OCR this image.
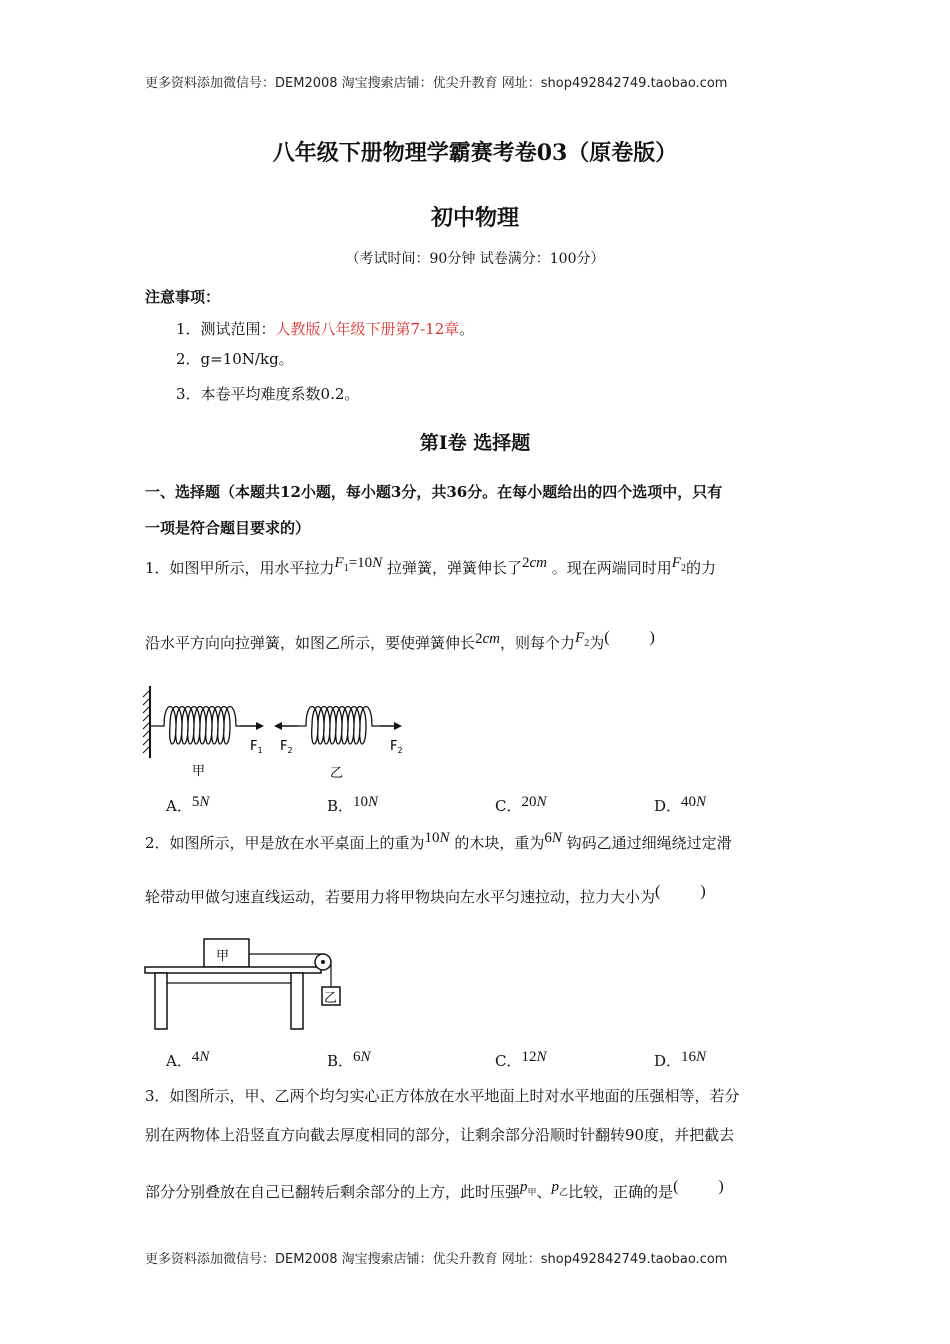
更多资料添加微信号：DEM2008 淘宝搜索店铺：优尖升教育 网址：shop492842749.taobao.com
八年级下册物理学霸赛考卷03（原卷版）
初中物理
（考试时间：90分钟 试卷满分：100分）
注意事项：
1．测试范围：人教版八年级下册第7-12章。
2．g=10N/kg。
3．本卷平均难度系数0.2。
第Ⅰ卷 选择题
一、选择题（本题共12小题，每小题3分，共36分。在每小题给出的四个选项中，只有
一项是符合题目要求的）
1．如图甲所示，用水平拉力$F_1=10N$ 拉弹簧，弹簧伸长了2cm 。现在两端同时用$F_2$的力
沿水平方向向拉弹簧，如图乙所示，要使弹簧伸长2cm，则每个力$F_2$为(          )
$F_1$ $F_2$	$F_2$
甲	乙
A．5N	B．10N	C．20N	D．40N
2．如图所示，甲是放在水平桌面上的重为10N 的木块，重为6N 钩码乙通过细绳绕过定滑
轮带动甲做匀速直线运动，若要用力将甲物块向左水平匀速拉动，拉力大小为(          )
甲
乙
A．4N	B．6N	C．12N	D．16N
3．如图所示，甲、乙两个均匀实心正方体放在水平地面上时对水平地面的压强相等，若分
别在两物体上沿竖直方向截去厚度相同的部分，让剩余部分沿顺时针翻转90度，并把截去
部分分别叠放在自己已翻转后剩余部分的上方，此时压强$p_甲$、$p_乙$比较，正确的是(          )
更多资料添加微信号：DEM2008 淘宝搜索店铺：优尖升教育 网址：shop492842749.taobao.com
